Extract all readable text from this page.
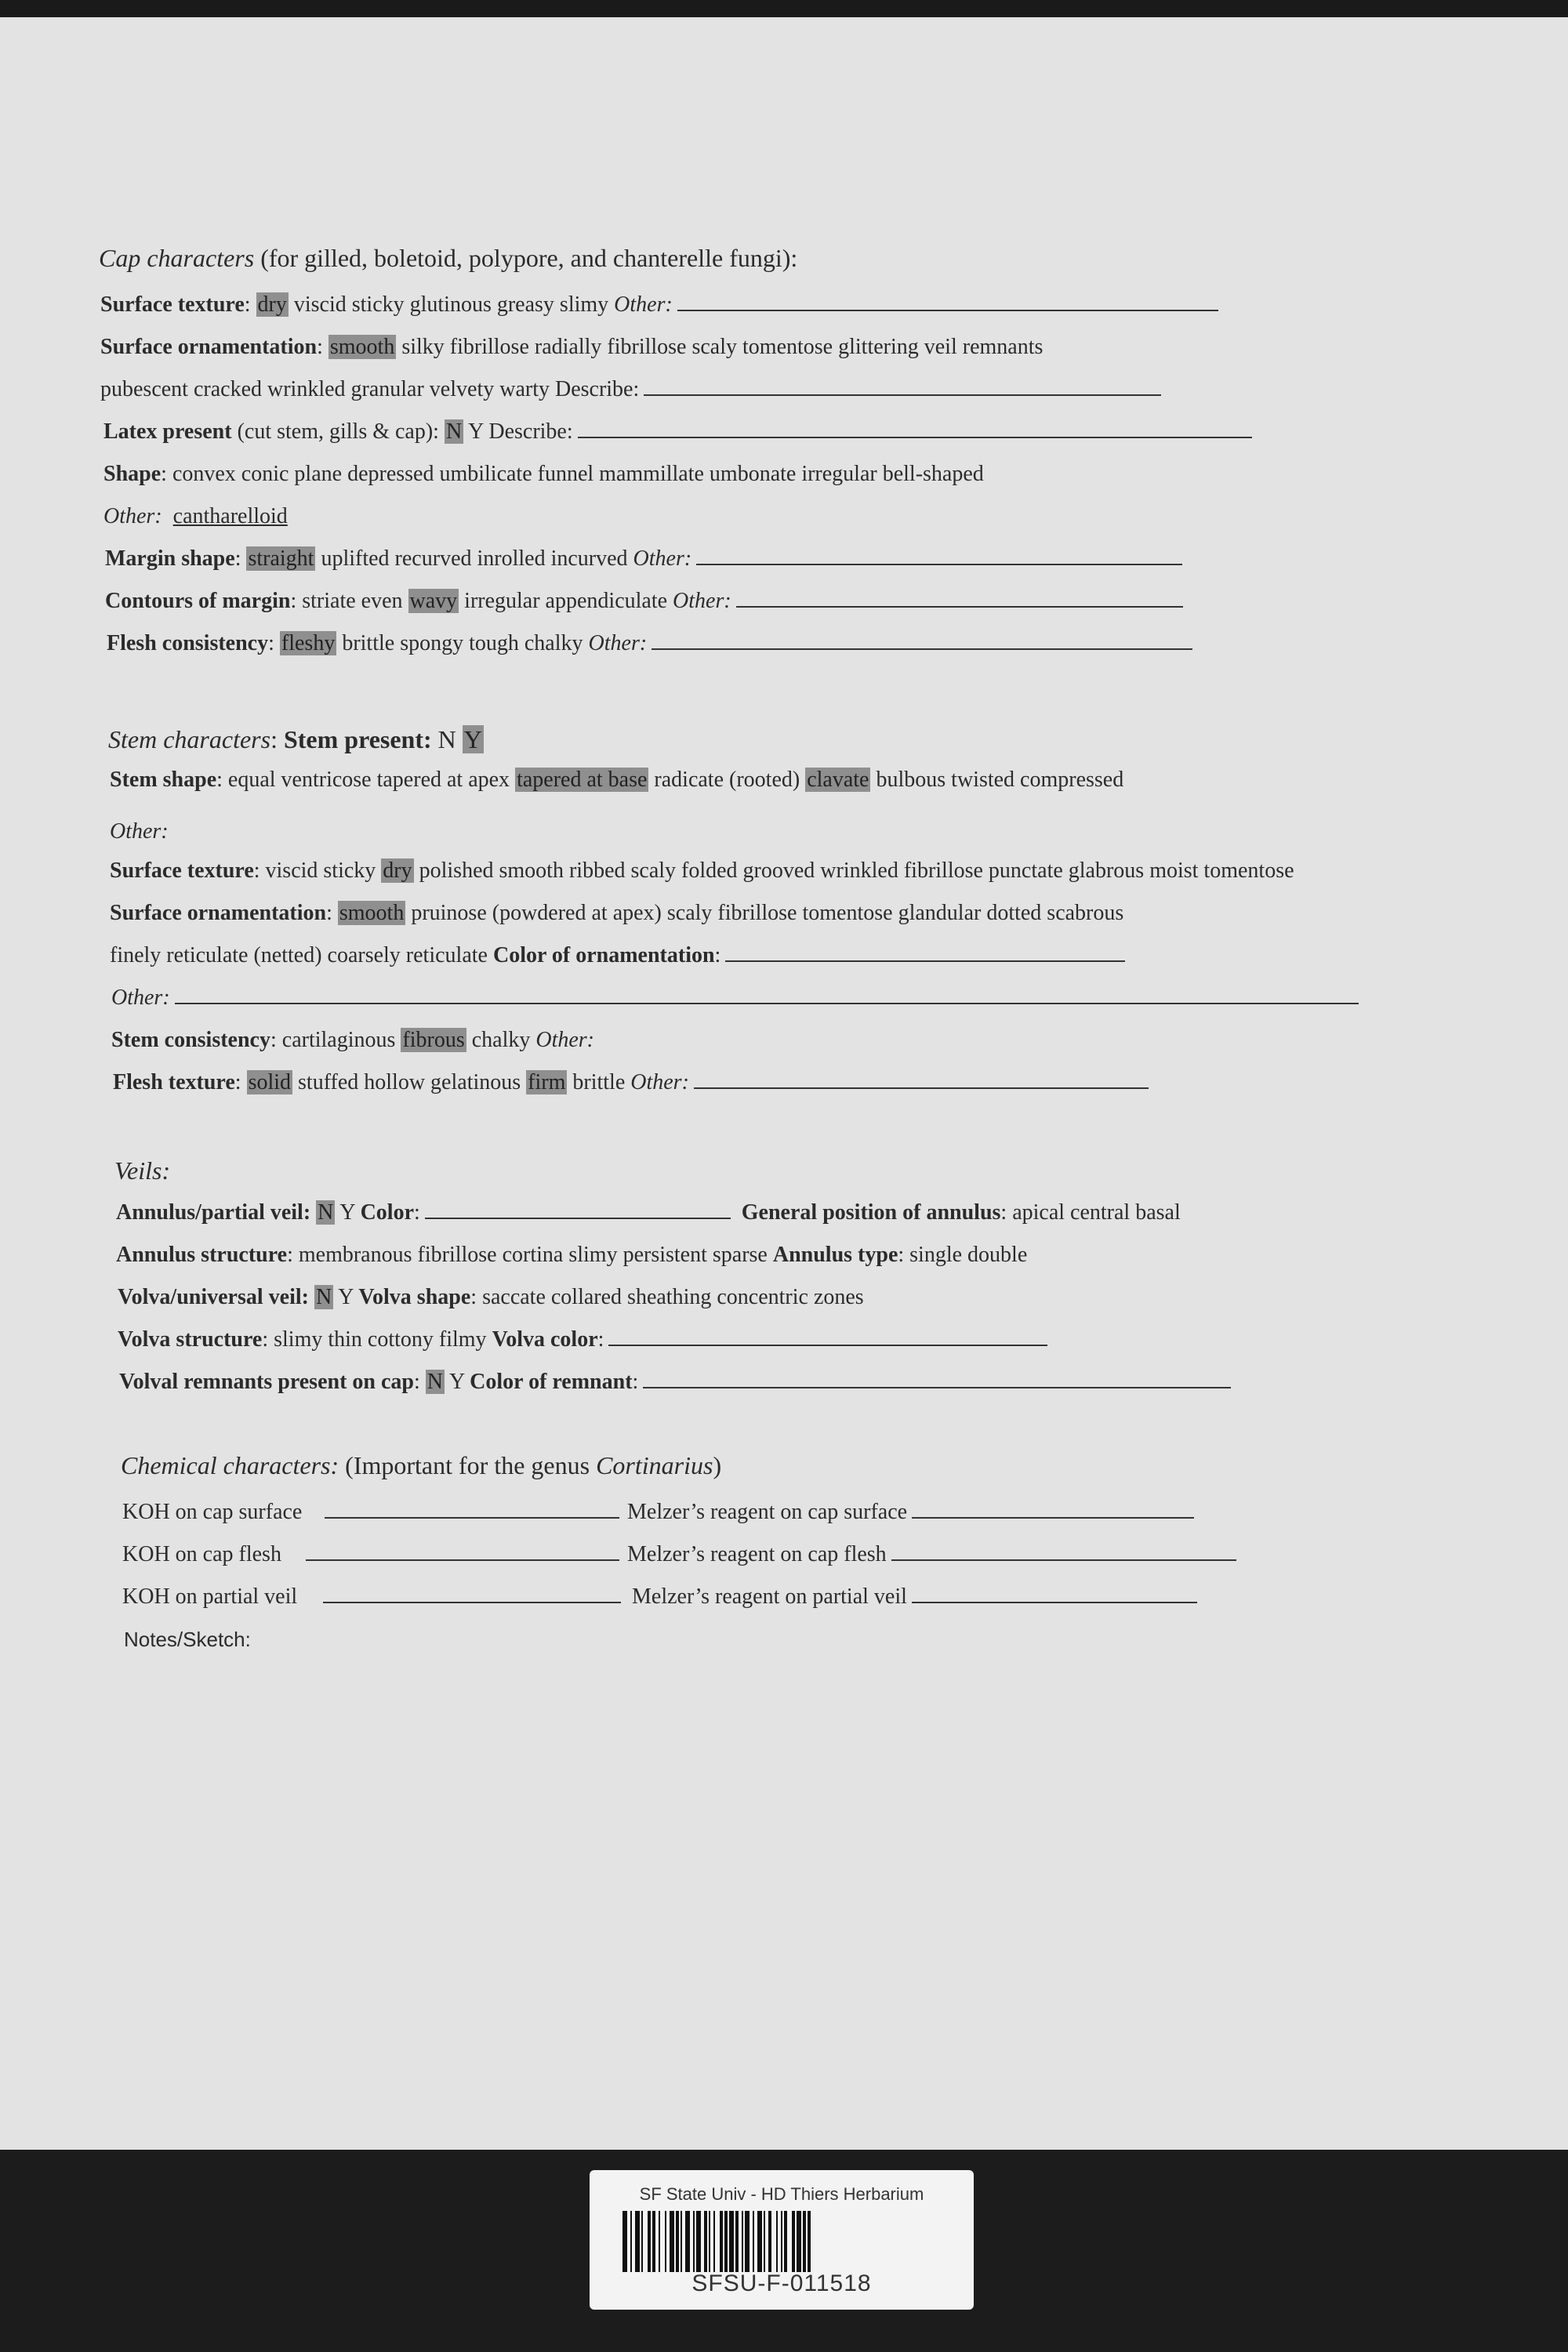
Cap characters (for gilled, boletoid, polypore, and chanterelle fungi):
Surface texture: dry viscid sticky glutinous greasy slimy Other:
Surface ornamentation: smooth silky fibrillose radially fibrillose scaly tomentose glittering veil remnants
pubescent cracked wrinkled granular velvety warty Describe:
Latex present (cut stem, gills & cap): N Y Describe:
Shape: convex conic plane depressed umbilicate funnel mammillate umbonate irregular bell-shaped
Other: cantharelloid
Margin shape: straight uplifted recurved inrolled incurved Other:
Contours of margin: striate even wavy irregular appendiculate Other:
Flesh consistency: fleshy brittle spongy tough chalky Other:
Stem characters: Stem present: N Y
Stem shape: equal ventricose tapered at apex tapered at base radicate (rooted) clavate bulbous twisted compressed
Other:
Surface texture: viscid sticky dry polished smooth ribbed scaly folded grooved wrinkled fibrillose punctate glabrous moist tomentose
Surface ornamentation: smooth pruinose (powdered at apex) scaly fibrillose tomentose glandular dotted scabrous
finely reticulate (netted) coarsely reticulate Color of ornamentation:
Other:
Stem consistency: cartilaginous fibrous chalky Other:
Flesh texture: solid stuffed hollow gelatinous firm brittle Other:
Veils:
Annulus/partial veil: N Y Color:	General position of annulus: apical central basal
Annulus structure: membranous fibrillose cortina slimy persistent sparse Annulus type: single double
Volva/universal veil: N Y Volva shape: saccate collared sheathing concentric zones
Volva structure: slimy thin cottony filmy Volva color:
Volval remnants present on cap: N Y Color of remnant:
Chemical characters: (Important for the genus Cortinarius)
KOH on cap surface	Melzer’s reagent on cap surface
KOH on cap flesh	Melzer’s reagent on cap flesh
KOH on partial veil	Melzer’s reagent on partial veil
Notes/Sketch:
SF State Univ - HD Thiers Herbarium
SFSU-F-011518
